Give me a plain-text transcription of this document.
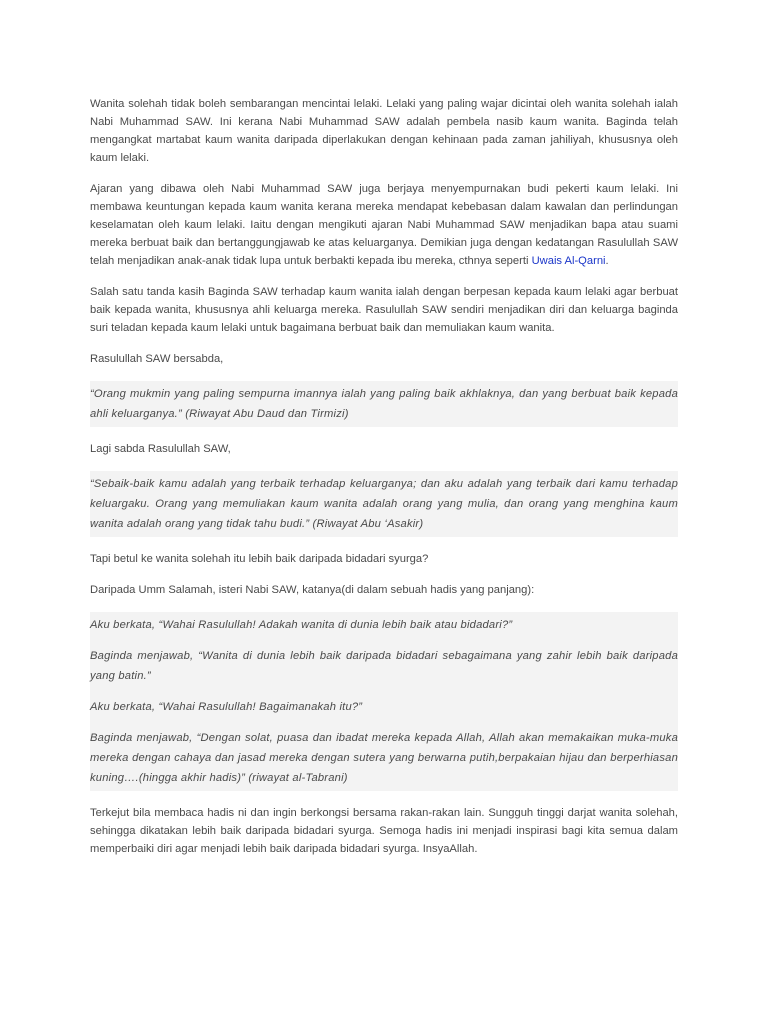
Wanita solehah tidak boleh sembarangan mencintai lelaki. Lelaki yang paling wajar dicintai oleh wanita solehah ialah Nabi Muhammad SAW. Ini kerana Nabi Muhammad SAW adalah pembela nasib kaum wanita. Baginda telah mengangkat martabat kaum wanita daripada diperlakukan dengan kehinaan pada zaman jahiliyah, khususnya oleh kaum lelaki.

Ajaran yang dibawa oleh Nabi Muhammad SAW juga berjaya menyempurnakan budi pekerti kaum lelaki. Ini membawa keuntungan kepada kaum wanita kerana mereka mendapat kebebasan dalam kawalan dan perlindungan keselamatan oleh kaum lelaki. Iaitu dengan mengikuti ajaran Nabi Muhammad SAW menjadikan bapa atau suami mereka berbuat baik dan bertanggungjawab ke atas keluarganya. Demikian juga dengan kedatangan Rasulullah SAW telah menjadikan anak-anak tidak lupa untuk berbakti kepada ibu mereka, cthnya seperti Uwais Al-Qarni.

Salah satu tanda kasih Baginda SAW terhadap kaum wanita ialah dengan berpesan kepada kaum lelaki agar berbuat baik kepada wanita, khususnya ahli keluarga mereka. Rasulullah SAW sendiri menjadikan diri dan keluarga baginda suri teladan kepada kaum lelaki untuk bagaimana berbuat baik dan memuliakan kaum wanita.

Rasulullah SAW bersabda,

“Orang mukmin yang paling sempurna imannya ialah yang paling baik akhlaknya, dan yang berbuat baik kepada ahli keluarganya.” (Riwayat Abu Daud dan Tirmizi)

Lagi sabda Rasulullah SAW,

“Sebaik-baik kamu adalah yang terbaik terhadap keluarganya; dan aku adalah yang terbaik dari kamu terhadap keluargaku. Orang yang memuliakan kaum wanita adalah orang yang mulia, dan orang yang menghina kaum wanita adalah orang yang tidak tahu budi.” (Riwayat Abu ‘Asakir)

Tapi betul ke wanita solehah itu lebih baik daripada bidadari syurga?

Daripada Umm Salamah, isteri Nabi SAW, katanya(di dalam sebuah hadis yang panjang):

Aku berkata, “Wahai Rasulullah! Adakah wanita di dunia lebih baik atau bidadari?”

Baginda menjawab, “Wanita di dunia lebih baik daripada bidadari sebagaimana yang zahir lebih baik daripada yang batin.”

Aku berkata, “Wahai Rasulullah! Bagaimanakah itu?”

Baginda menjawab, “Dengan solat, puasa dan ibadat mereka kepada Allah, Allah akan memakaikan muka-muka mereka dengan cahaya dan jasad mereka dengan sutera yang berwarna putih,berpakaian hijau dan berperhiasan kuning….(hingga akhir hadis)” (riwayat al-Tabrani)

Terkejut bila membaca hadis ni dan ingin berkongsi bersama rakan-rakan lain. Sungguh tinggi darjat wanita solehah, sehingga dikatakan lebih baik daripada bidadari syurga. Semoga hadis ini menjadi inspirasi bagi kita semua dalam memperbaiki diri agar menjadi lebih baik daripada bidadari syurga. InsyaAllah.
